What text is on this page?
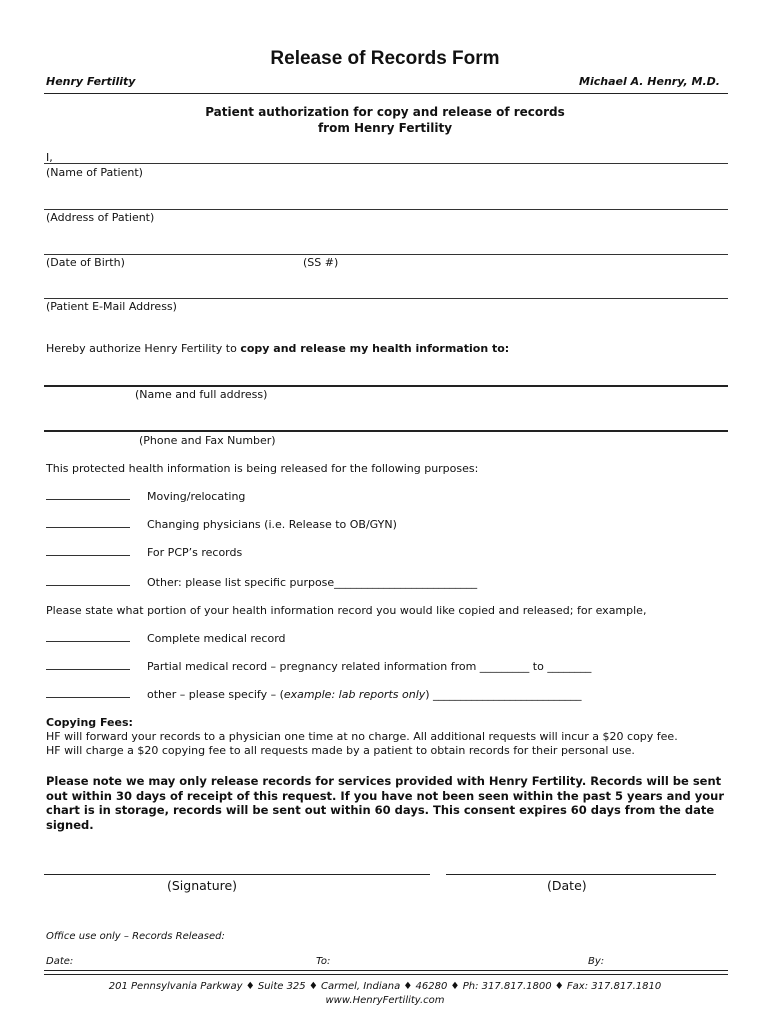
Release of Records Form
Henry Fertility	Michael A. Henry, M.D.
Patient authorization for copy and release of records
from Henry Fertility
I,
(Name of Patient)
(Address of Patient)
(Date of Birth)	(SS #)
(Patient E-Mail Address)
Hereby authorize Henry Fertility to copy and release my health information to:
(Name and full address)
(Phone and Fax Number)
This protected health information is being released for the following purposes:
Moving/relocating
Changing physicians (i.e. Release to OB/GYN)
For PCP’s records
Other: please list specific purpose__________________________
Please state what portion of your health information record you would like copied and released; for example,
Complete medical record
Partial medical record – pregnancy related information from _________ to ________
other – please specify – (example: lab reports only) ___________________________
Copying Fees:
HF will forward your records to a physician one time at no charge. All additional requests will incur a $20 copy fee.
HF will charge a $20 copying fee to all requests made by a patient to obtain records for their personal use.
Please note we may only release records for services provided with Henry Fertility. Records will be sent out within 30 days of receipt of this request. If you have not been seen within the past 5 years and your chart is in storage, records will be sent out within 60 days. This consent expires 60 days from the date signed.
(Signature)	(Date)
Office use only – Records Released:
Date:	To:	By:
201 Pennsylvania Parkway ♦ Suite 325 ♦ Carmel, Indiana ♦ 46280 ♦ Ph: 317.817.1800 ♦ Fax: 317.817.1810
www.HenryFertility.com
